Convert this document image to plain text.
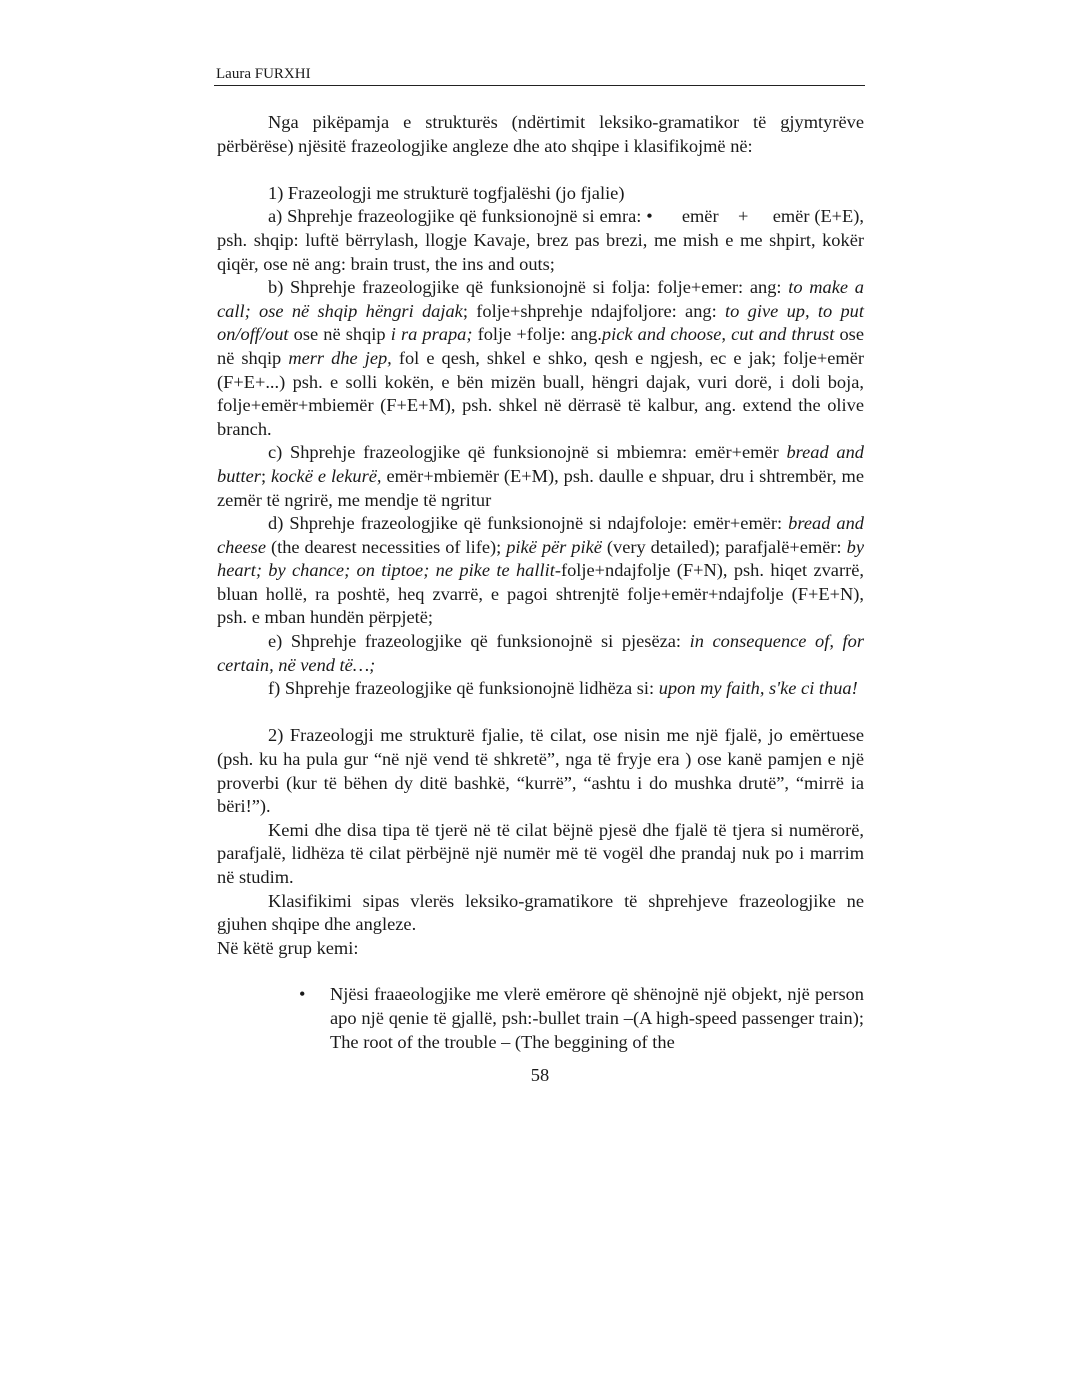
Laura FURXHI

Nga pikëpamja e strukturës (ndërtimit leksiko-gramatikor të gjymtyrëve përbërëse) njësitë frazeologjike angleze dhe ato shqipe i klasifikojmë në:

1) Frazeologji me strukturë togfjalëshi (jo fjalie)

a) Shprehje frazeologjike që funksionojnë si emra: •      emër    +     emër (E+E), psh. shqip: luftë bërrylash, llogje Kavaje, brez pas brezi, me mish e me shpirt, kokër qiqër, ose në ang: brain trust, the ins and outs;

b) Shprehje frazeologjike që funksionojnë si folja: folje+emer: ang: to make a call; ose në shqip hëngri dajak; folje+shprehje ndajfoljore: ang: to give up, to put on/off/out ose në shqip i ra prapa; folje +folje: ang.pick and choose, cut and thrust ose në shqip merr dhe jep, fol e qesh, shkel e shko, qesh e ngjesh, ec e jak; folje+emër (F+E+...) psh. e solli kokën, e bën mizën buall, hëngri dajak, vuri dorë, i doli boja, folje+emër+mbiemër (F+E+M), psh. shkel në dërrasë të kalbur, ang. extend the olive branch.

c) Shprehje frazeologjike që funksionojnë si mbiemra: emër+emër bread and butter; kockë e lekurë, emër+mbiemër (E+M), psh. daulle e shpuar, dru i shtrembër, me zemër të ngrirë, me mendje të ngritur

d) Shprehje frazeologjike që funksionojnë si ndajfoloje: emër+emër: bread and cheese (the dearest necessities of life); pikë për pikë (very detailed); parafjalë+emër: by heart; by chance; on tiptoe; ne pike te hallit-folje+ndajfolje (F+N), psh. hiqet zvarrë, bluan hollë, ra poshtë, heq zvarrë, e pagoi shtrenjtë folje+emër+ndajfolje (F+E+N), psh. e mban hundën përpjetë;

e) Shprehje frazeologjike që funksionojnë si pjesëza: in consequence of, for certain, në vend të…;

f) Shprehje frazeologjike që funksionojnë lidhëza si: upon my faith, s'ke ci thua!

2) Frazeologji me strukturë fjalie, të cilat, ose nisin me një fjalë, jo emërtuese (psh. ku ha pula gur “në një vend të shkretë”, nga të fryje era ) ose kanë pamjen e një proverbi (kur të bëhen dy ditë bashkë, “kurrë”, “ashtu i do mushka drutë”, “mirrë ia bëri!”).

Kemi dhe disa tipa të tjerë në të cilat bëjnë pjesë dhe fjalë të tjera si numërorë, parafjalë, lidhëza të cilat përbëjnë një numër më të vogël dhe prandaj nuk po i marrim në studim.

Klasifikimi sipas vlerës leksiko-gramatikore të shprehjeve frazeologjike ne gjuhen shqipe dhe angleze.

Në këtë grup kemi:

• Njësi fraaeologjike me vlerë emërore që shënojnë një objekt, një person apo një qenie të gjallë, psh:-bullet train –(A high-speed passenger train); The root of the trouble – (The beggining of the
58
